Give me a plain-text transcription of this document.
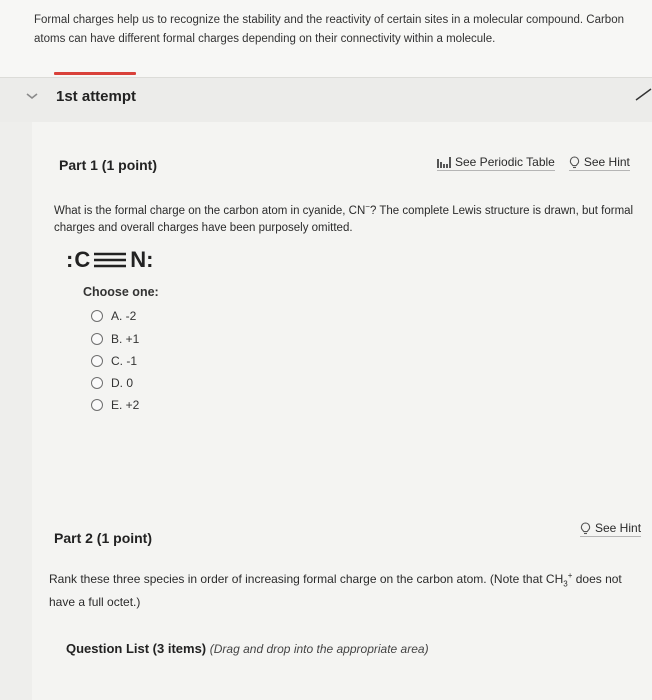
Formal charges help us to recognize the stability and the reactivity of certain sites in a molecular compound. Carbon atoms can have different formal charges depending on their connectivity within a molecule.

1st attempt
Part 1 (1 point)	See Periodic Table See Hint
What is the formal charge on the carbon atom in cyanide, CN−? The complete Lewis structure is drawn, but formal charges and overall charges have been purposely omitted.
: C N :
Choose one:
A. -2
B. +1
C. -1
D. 0
E. +2
Part 2 (1 point)
See Hint
Rank these three species in order of increasing formal charge on the carbon atom. (Note that $CH_3^+$ does not have a full octet.)
Question List (3 items) (Drag and drop into the appropriate area)
